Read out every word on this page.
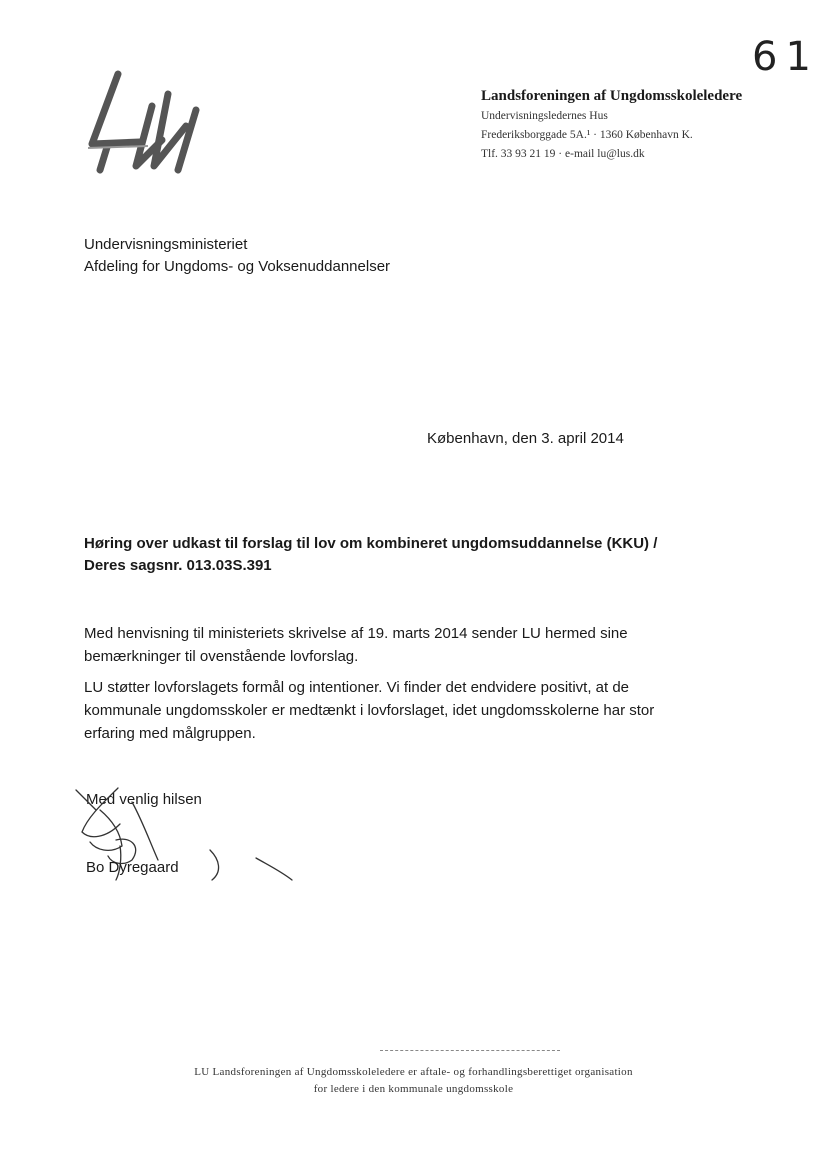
61
Landsforeningen af Ungdomsskoleledere
Undervisningsledernes Hus
Frederiksborggade 5A.¹ · 1360 København K.
Tlf. 33 93 21 19 · e-mail lu@lus.dk
Undervisningsministeriet
Afdeling for Ungdoms- og Voksenuddannelser
København, den 3. april 2014
Høring over udkast til forslag til lov om kombineret ungdomsuddannelse (KKU) /
Deres sagsnr. 013.03S.391
Med henvisning til ministeriets skrivelse af 19. marts 2014 sender LU hermed sine
bemærkninger til ovenstående lovforslag.
LU støtter lovforslagets formål og intentioner. Vi finder det endvidere positivt, at de
kommunale ungdomsskoler er medtænkt i lovforslaget, idet ungdomsskolerne har stor
erfaring med målgruppen.
Med venlig hilsen
Bo Dyregaard
LU Landsforeningen af Ungdomsskoleledere er aftale- og forhandlingsberettiget organisation
for ledere i den kommunale ungdomsskole
